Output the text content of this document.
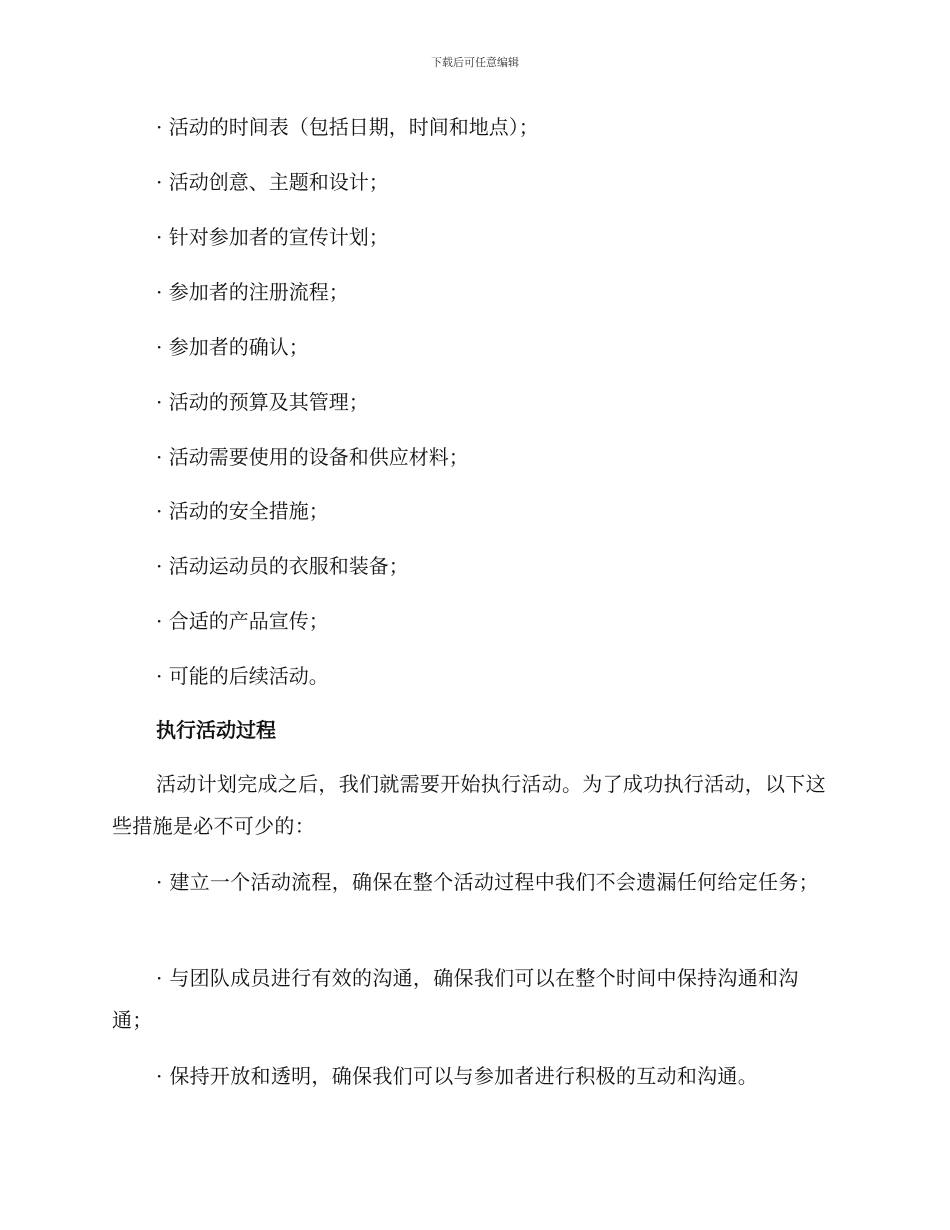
下载后可任意编辑
· 活动的时间表（包括日期，时间和地点）；
· 活动创意、主题和设计；
· 针对参加者的宣传计划；
· 参加者的注册流程；
· 参加者的确认；
· 活动的预算及其管理；
· 活动需要使用的设备和供应材料；
· 活动的安全措施；
· 活动运动员的衣服和装备；
· 合适的产品宣传；
· 可能的后续活动。
执行活动过程
活动计划完成之后，我们就需要开始执行活动。为了成功执行活动，以下这些措施是必不可少的：
· 建立一个活动流程，确保在整个活动过程中我们不会遗漏任何给定任务；
· 与团队成员进行有效的沟通，确保我们可以在整个时间中保持沟通和沟通；
· 保持开放和透明，确保我们可以与参加者进行积极的互动和沟通。
